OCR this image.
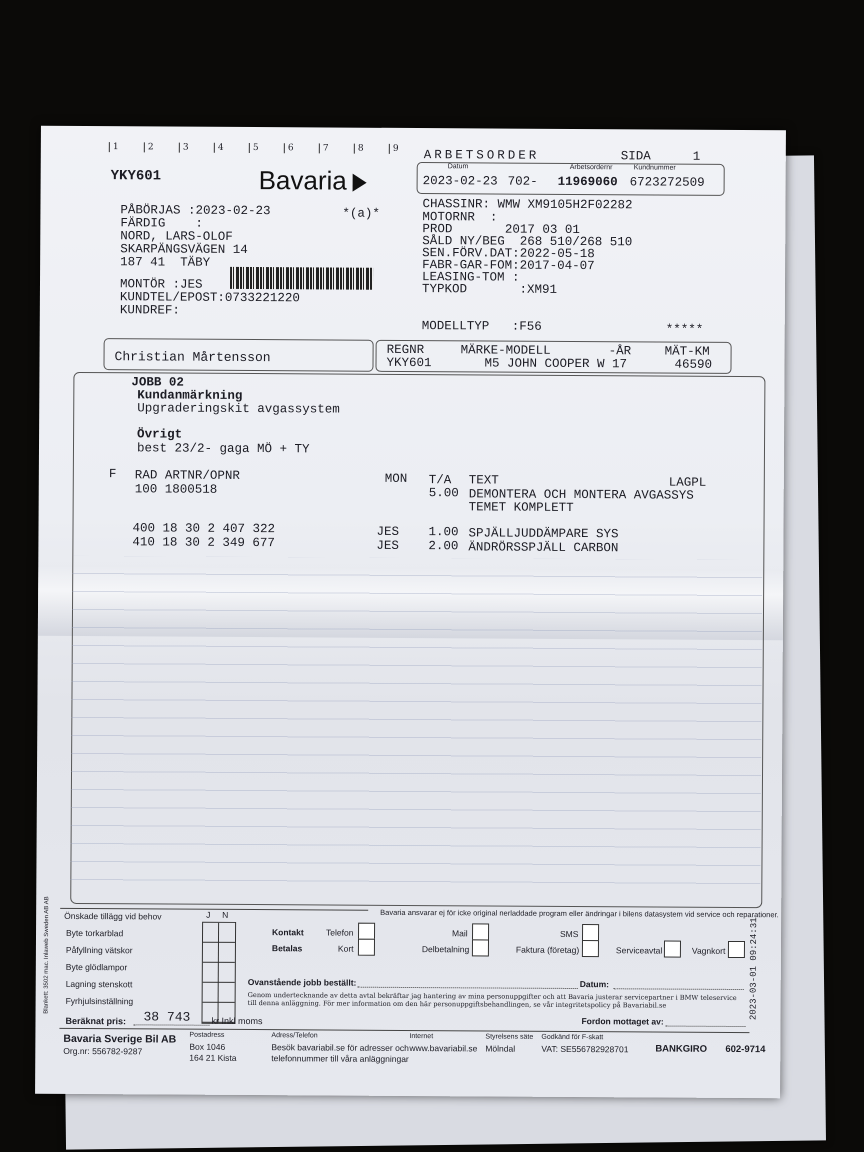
1	2	3	4	5	6	7	8	9
YKY601	Bavaria
ARBETSORDER	SIDA	1
Datum	Arbetsordernr	Kundnummer
2023-02-23 702- 11969060 6723272509
PÅBÖRJAS :2023-02-23	*(a)*
FÄRDIG    :
NORD, LARS-OLOF
SKARPÄNGSVÄGEN 14
187 41  TÄBY
MONTÖR :JES
KUNDTEL/EPOST:0733221220
KUNDREF:
CHASSINR: WMW XM9105H2F02282
MOTORNR  :
PROD       2017 03 01
SÅLD NY/BEG  268 510/268 510
SEN.FÖRV.DAT:2022-05-18
FABR-GAR-FOM:2017-04-07
LEASING-TOM :
TYPKOD       :XM91
MODELLTYP   :F56	*****
Christian Mårtensson	REGNR	MÄRKE-MODELL	-ÅR	MÄT-KM
YKY601	M5 JOHN COOPER W 17	46590
JOBB 02
Kundanmärkning
Upgraderingskit avgassystem
Övrigt
best 23/2- gaga MÖ + TY
F RAD ARTNR/OPNR	MON T/A TEXT	LAGPL
100 1800518	5.00 DEMONTERA OCH MONTERA AVGASSYS
TEMET KOMPLETT
400 18 30 2 407 322	JES 1.00 SPJÄLLJUDDÄMPARE SYS
410 18 30 2 349 677	JES 2.00 ÄNDRÖRSSPJÄLL CARBON
Bavaria ansvarar ej för icke original nerladdade program eller ändringar i bilens datasystem vid service och reparationer.
Önskade tillägg vid behov	J N
Byte torkarblad
Påfyllning vätskor
Byte glödlampor
Lagning stenskott
Fyrhjulsinställning
Kontakt
Betalas
Telefon
Kort
Mail
Delbetalning
SMS
Faktura (företag)	Serviceavtal	Vagnkort
Ovanstående jobb beställt:	Datum:
Genom undertecknande av detta avtal bekräftar jag hantering av mina personuppgifter och att Bavaria justerar servicepartner i BMW teleservice till denna anläggning. För mer information om den här personuppgiftsbehandlingen, se vår integritetspolicy på Bavariabil.se
Fordon mottaget av:
Beräknat pris: 38 743 kr Inkl moms
Blankett: 3502 mac. Inlaweb Sweden AB AB	2023-03-01 09:24:31
Bavaria Sverige Bil AB
Org.nr: 556782-9287
Postadress
Box 1046
164 21 Kista
Adress/Telefon
Besök bavariabil.se för adresser och
telefonnummer till våra anläggningar
Internet
www.bavariabil.se
Styrelsens säte
Mölndal
Godkänd för F-skatt
VAT: SE556782928701	BANKGIRO 602-9714
